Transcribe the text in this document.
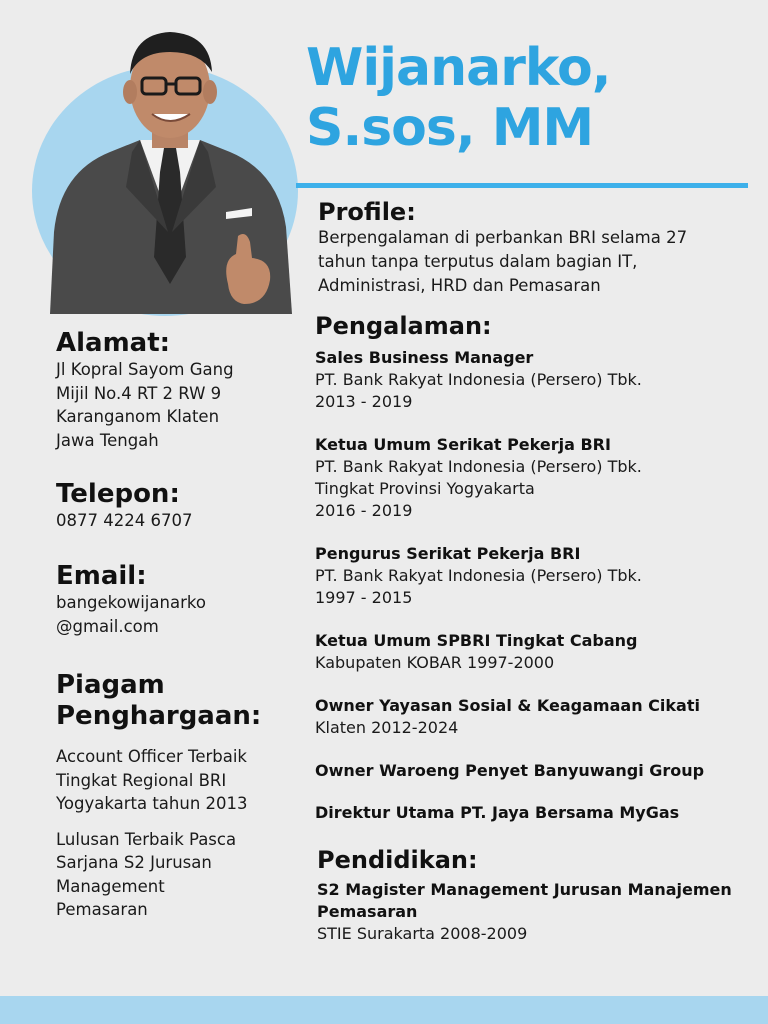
Wijanarko,
S.sos, MM
Alamat:
Jl Kopral Sayom Gang
Mijil No.4 RT 2 RW 9
Karanganom Klaten
Jawa Tengah
Telepon:
0877 4224 6707
Email:
bangekowijanarko
@gmail.com
Piagam
Penghargaan:
Account Officer Terbaik
Tingkat Regional BRI
Yogyakarta tahun 2013
Lulusan Terbaik Pasca
Sarjana S2 Jurusan
Management
Pemasaran
Profile:
Berpengalaman di perbankan BRI selama 27
tahun tanpa terputus dalam bagian IT,
Administrasi, HRD dan Pemasaran
Pengalaman:
Sales Business Manager
PT. Bank Rakyat Indonesia (Persero) Tbk.
2013 - 2019
Ketua Umum Serikat Pekerja BRI
PT. Bank Rakyat Indonesia (Persero) Tbk.
Tingkat Provinsi Yogyakarta
2016 - 2019
Pengurus Serikat Pekerja BRI
PT. Bank Rakyat Indonesia (Persero) Tbk.
1997 - 2015
Ketua Umum SPBRI Tingkat Cabang
Kabupaten KOBAR 1997-2000
Owner Yayasan Sosial & Keagamaan Cikati
Klaten 2012-2024
Owner Waroeng Penyet Banyuwangi Group
Direktur Utama PT. Jaya Bersama MyGas
Pendidikan:
S2 Magister Management Jurusan Manajemen
Pemasaran
STIE Surakarta 2008-2009
